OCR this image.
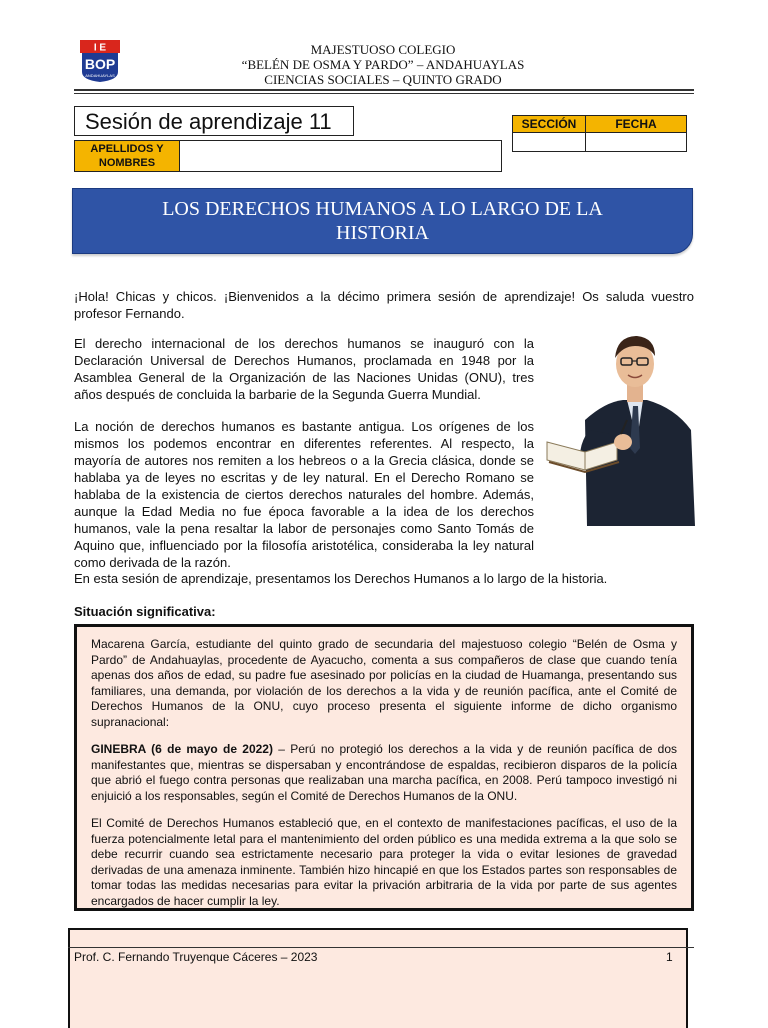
I E
BOP
ANDAHUAYLAS
MAJESTUOSO COLEGIO
“BELÉN DE OSMA Y PARDO” – ANDAHUAYLAS
CIENCIAS SOCIALES – QUINTO GRADO
Sesión de aprendizaje 11
APELLIDOS Y NOMBRES
SECCIÓN	FECHA

LOS DERECHOS HUMANOS A LO LARGO DE LA
HISTORIA
¡Hola! Chicas y chicos. ¡Bienvenidos a la décimo primera sesión de aprendizaje! Os saluda vuestro profesor Fernando.
El derecho internacional de los derechos humanos se inauguró con la Declaración Universal de Derechos Humanos, proclamada en 1948 por la Asamblea General de la Organización de las Naciones Unidas (ONU), tres años después de concluida la barbarie de la Segunda Guerra Mundial.
La noción de derechos humanos es bastante antigua. Los orígenes de los mismos los podemos encontrar en diferentes referentes. Al respecto, la mayoría de autores nos remiten a los hebreos o a la Grecia clásica, donde se hablaba ya de leyes no escritas y de ley natural. En el Derecho Romano se hablaba de la existencia de ciertos derechos naturales del hombre. Además, aunque la Edad Media no fue época favorable a la idea de los derechos humanos, vale la pena resaltar la labor de personajes como Santo Tomás de Aquino que, influenciado por la filosofía aristotélica, consideraba la ley natural como derivada de la razón.
En esta sesión de aprendizaje, presentamos los Derechos Humanos a lo largo de la historia.
Situación significativa:

Macarena García, estudiante del quinto grado de secundaria del majestuoso colegio “Belén de Osma y Pardo” de Andahuaylas, procedente de Ayacucho, comenta a sus compañeros de clase que cuando tenía apenas dos años de edad, su padre fue asesinado por policías en la ciudad de Huamanga, presentando sus familiares, una demanda, por violación de los derechos a la vida y de reunión pacífica, ante el Comité de Derechos Humanos de la ONU, cuyo proceso presenta el siguiente informe de dicho organismo supranacional:

GINEBRA (6 de mayo de 2022) – Perú no protegió los derechos a la vida y de reunión pacífica de dos manifestantes que, mientras se dispersaban y encontrándose de espaldas, recibieron disparos de la policía que abrió el fuego contra personas que realizaban una marcha pacífica, en 2008. Perú tampoco investigó ni enjuició a los responsables, según el Comité de Derechos Humanos de la ONU.

El Comité de Derechos Humanos estableció que, en el contexto de manifestaciones pacíficas, el uso de la fuerza potencialmente letal para el mantenimiento del orden público es una medida extrema a la que solo se debe recurrir cuando sea estrictamente necesario para proteger la vida o evitar lesiones de gravedad derivadas de una amenaza inminente. También hizo hincapié en que los Estados partes son responsables de tomar todas las medidas necesarias para evitar la privación arbitraria de la vida por parte de sus agentes encargados de hacer cumplir la ley.

Prof. C. Fernando Truyenque Cáceres – 2023	1
